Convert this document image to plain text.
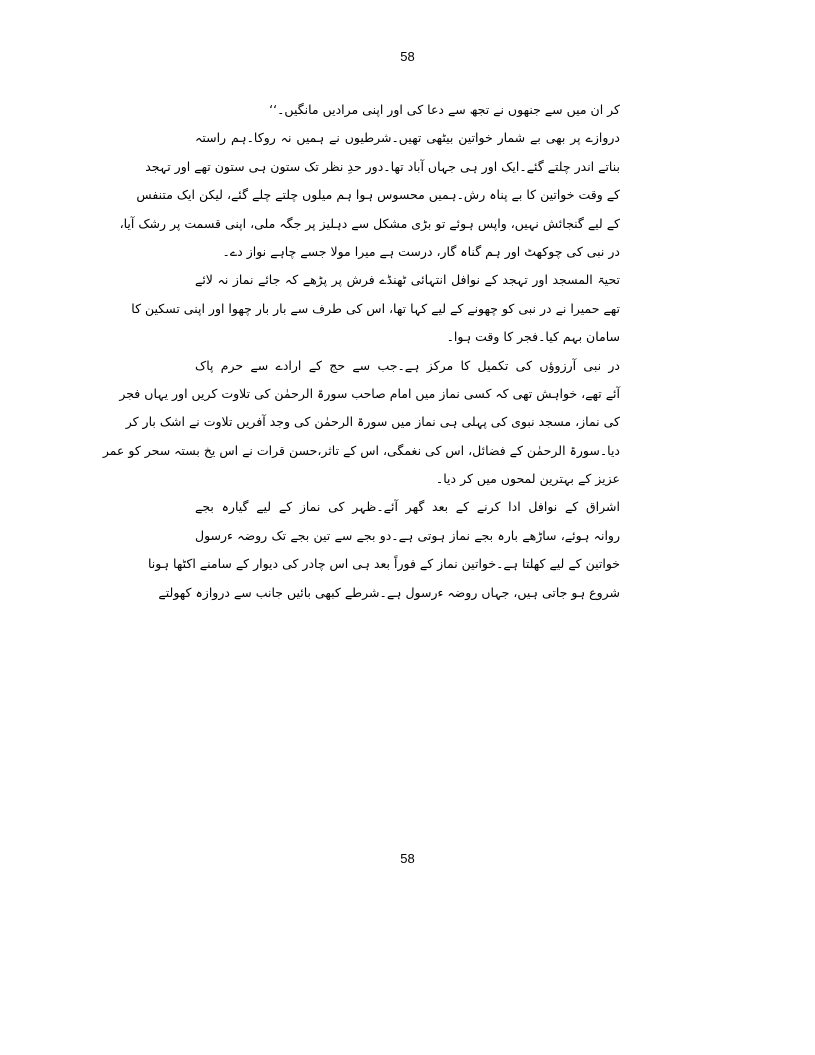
58
کر ان میں سے جنھوں نے تجھ سے دعا کی اور اپنی مرادیں مانگیں۔‘‘
دروازے پر بھی بے شمار خواتین بیٹھی تھیں۔شرطیوں نے ہمیں نہ روکا۔ہم راستہ
بناتے اندر چلتے گئے۔ایک اور ہی جہاں آباد تھا۔دور حدِ نظر تک ستون ہی ستون تھے اور تہجد
کے وقت خواتین کا بے پناہ رش۔ہمیں محسوس ہوا ہم میلوں چلتے چلے گئے، لیکن ایک متنفس
کے لیے گنجائش نہیں، واپس ہوئے تو بڑی مشکل سے دہلیز پر جگہ ملی، اپنی قسمت پر رشک آیا،
در نبی کی چوکھٹ اور ہم گناہ گار، درست ہے میرا مولا جسے چاہے نواز دے۔
تحیۃ المسجد اور تہجد کے نوافل انتہائی ٹھنڈے فرش پر پڑھے کہ جائے نماز نہ لائے
تھے حمیرا نے در نبی کو چھونے کے لیے کہا تھا، اس کی طرف سے بار بار چھوا اور اپنی تسکین کا
سامان بہم کیا۔فجر کا وقت ہوا۔
در نبی آرزوؤں کی تکمیل کا مرکز ہے۔جب سے حج کے ارادے سے حرم پاک
آئے تھے، خواہش تھی کہ کسی نماز میں امام صاحب سورۃ الرحمٰن کی تلاوت کریں اور یہاں فجر
کی نماز، مسجد نبوی کی پہلی ہی نماز میں سورۃ الرحمٰن کی وجد آفریں تلاوت نے اشک بار کر
دیا۔سورۃ الرحمٰن کے فضائل، اس کی نغمگی، اس کے تاثر،حسن قرات نے اس یخ بستہ سحر کو عمر
عزیز کے بہترین لمحوں میں کر دیا۔
اشراق کے نوافل ادا کرنے کے بعد گھر آئے۔ظہر کی نماز کے لیے گیارہ بجے
روانہ ہوئے، ساڑھے بارہ بجے نماز ہوتی ہے۔دو بجے سے تین بجے تک روضہ ءرسول
خواتین کے لیے کھلتا ہے۔خواتین نماز کے فوراً بعد ہی اس چادر کی دیوار کے سامنے اکٹھا ہونا
شروع ہو جاتی ہیں، جہاں روضہ ءرسول ہے۔شرطے کبھی بائیں جانب سے دروازہ کھولتے
58
